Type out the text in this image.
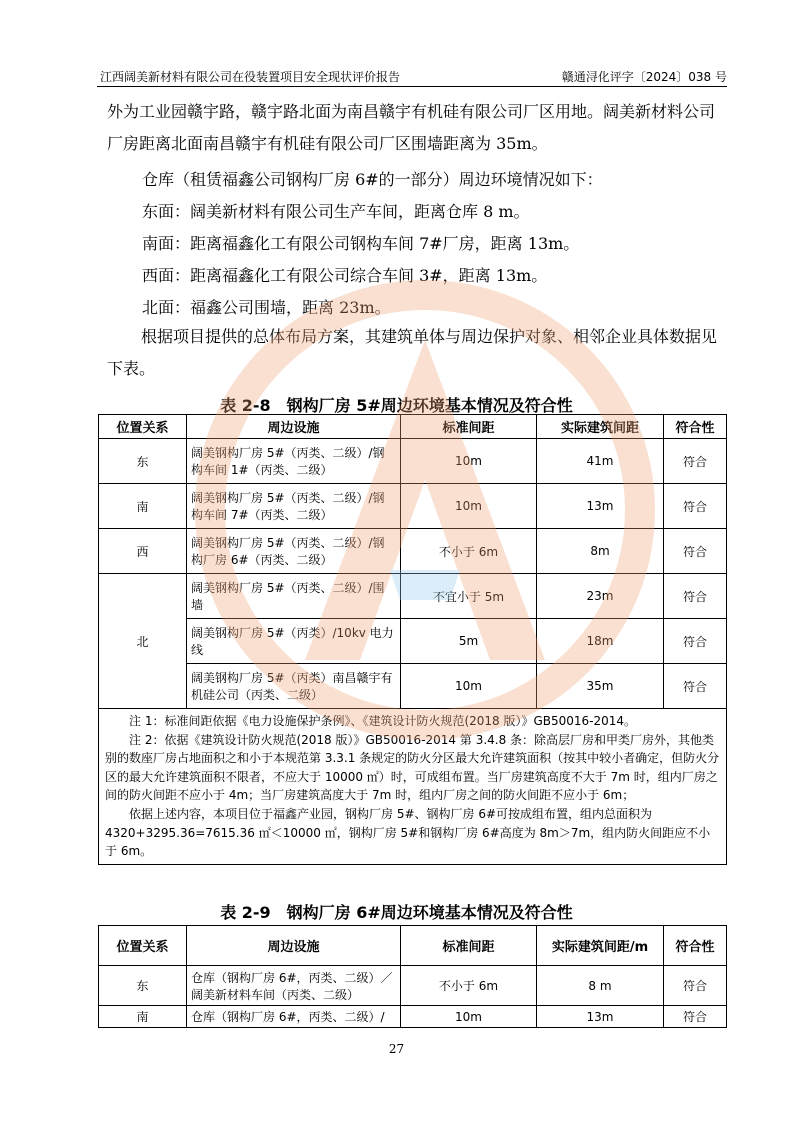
江西阔美新材料有限公司在役装置项目安全现状评价报告	赣通浔化评字〔2024〕038 号
外为工业园赣宇路，赣宇路北面为南昌赣宇有机硅有限公司厂区用地。阔美新材料公司厂房距离北面南昌赣宇有机硅有限公司厂区围墙距离为 35m。
仓库（租赁福鑫公司钢构厂房 6#的一部分）周边环境情况如下：
东面：阔美新材料有限公司生产车间，距离仓库 8 m。
南面：距离福鑫化工有限公司钢构车间 7#厂房，距离 13m。
西面：距离福鑫化工有限公司综合车间 3#，距离 13m。
北面：福鑫公司围墙，距离 23m。
根据项目提供的总体布局方案，其建筑单体与周边保护对象、相邻企业具体数据见下表。
表 2-8　钢构厂房 5#周边环境基本情况及符合性
位置关系	周边设施	标准间距	实际建筑间距	符合性
东	阔美钢构厂房 5#（丙类、二级）/钢构车间 1#（丙类、二级）	10m	41m	符合
南	阔美钢构厂房 5#（丙类、二级）/钢构车间 7#（丙类、二级）	10m	13m	符合
西	阔美钢构厂房 5#（丙类、二级）/钢构厂房 6#（丙类、二级）	不小于 6m	8m	符合
北	阔美钢构厂房 5#（丙类、二级）/围墙	不宜小于 5m	23m	符合
	阔美钢构厂房 5#（丙类）/10kv 电力线	5m	18m	符合
	阔美钢构厂房 5#（丙类）南昌赣宇有机硅公司（丙类、二级）	10m	35m	符合

注 1：标准间距依据《电力设施保护条例》、《建筑设计防火规范(2018 版）》GB50016-2014。

注 2：依据《建筑设计防火规范(2018 版）》GB50016-2014 第 3.4.8 条：除高层厂房和甲类厂房外，其他类别的数座厂房占地面积之和小于本规范第 3.3.1 条规定的防火分区最大允许建筑面积（按其中较小者确定，但防火分区的最大允许建筑面积不限者，不应大于 10000 ㎡）时，可成组布置。当厂房建筑高度不大于 7m 时，组内厂房之间的防火间距不应小于 4m；当厂房建筑高度大于 7m 时，组内厂房之间的防火间距不应小于 6m；

依据上述内容，本项目位于福鑫产业园，钢构厂房 5#、钢构厂房 6#可按成组布置，组内总面积为 4320+3295.36=7615.36 ㎡＜10000 ㎡，钢构厂房 5#和钢构厂房 6#高度为 8m＞7m，组内防火间距应不小于 6m。				

表 2-9　钢构厂房 6#周边环境基本情况及符合性
位置关系	周边设施	标准间距	实际建筑间距/m	符合性
东	仓库（钢构厂房 6#，丙类、二级）／阔美新材料车间（丙类、二级）	不小于 6m	8 m	符合
南	仓库（钢构厂房 6#，丙类、二级）/	10m	13m	符合
27
